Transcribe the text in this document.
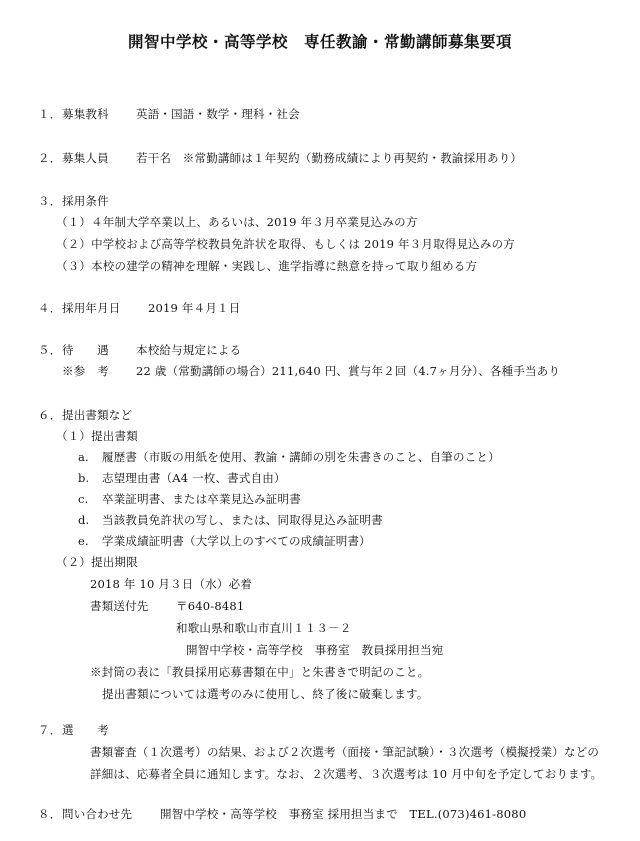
開智中学校・高等学校　専任教諭・常勤講師募集要項
１． 募集教科 英語・国語・数学・理科・社会
２． 募集人員 若干名　※常勤講師は１年契約（勤務成績により再契約・教諭採用あり）
３． 採用条件
（１）４年制大学卒業以上、あるいは、2019 年３月卒業見込みの方
（２）中学校および高等学校教員免許状を取得、もしくは 2019 年３月取得見込みの方
（３）本校の建学の精神を理解・実践し、進学指導に熱意を持って取り組める方
４． 採用年月日 2019 年４月１日
５． 待　　遇 本校給与規定による
※参　考 22 歳（常勤講師の場合）211,640 円、賞与年２回（4.7ヶ月分）、各種手当あり
６． 提出書類など
（１）提出書類
a. 履歴書（市販の用紙を使用、教諭・講師の別を朱書きのこと、自筆のこと）
b. 志望理由書（A4 一枚、書式自由）
c. 卒業証明書、または卒業見込み証明書
d. 当該教員免許状の写し、または、同取得見込み証明書
e. 学業成績証明書（大学以上のすべての成績証明書）
（２）提出期限
2018 年 10 月３日（水）必着
書類送付先 〒640-8481
和歌山県和歌山市直川１１３－２
開智中学校・高等学校　事務室　教員採用担当宛
※封筒の表に「教員採用応募書類在中」と朱書きで明記のこと。
提出書類については選考のみに使用し、終了後に破棄します。
７． 選　　考
書類審査（１次選考）の結果、および２次選考（面接・筆記試験）・３次選考（模擬授業）などの
詳細は、応募者全員に通知します。なお、２次選考、３次選考は 10 月中旬を予定しております。
８． 問い合わせ先 開智中学校・高等学校　事務室 採用担当まで　TEL.(073)461-8080
